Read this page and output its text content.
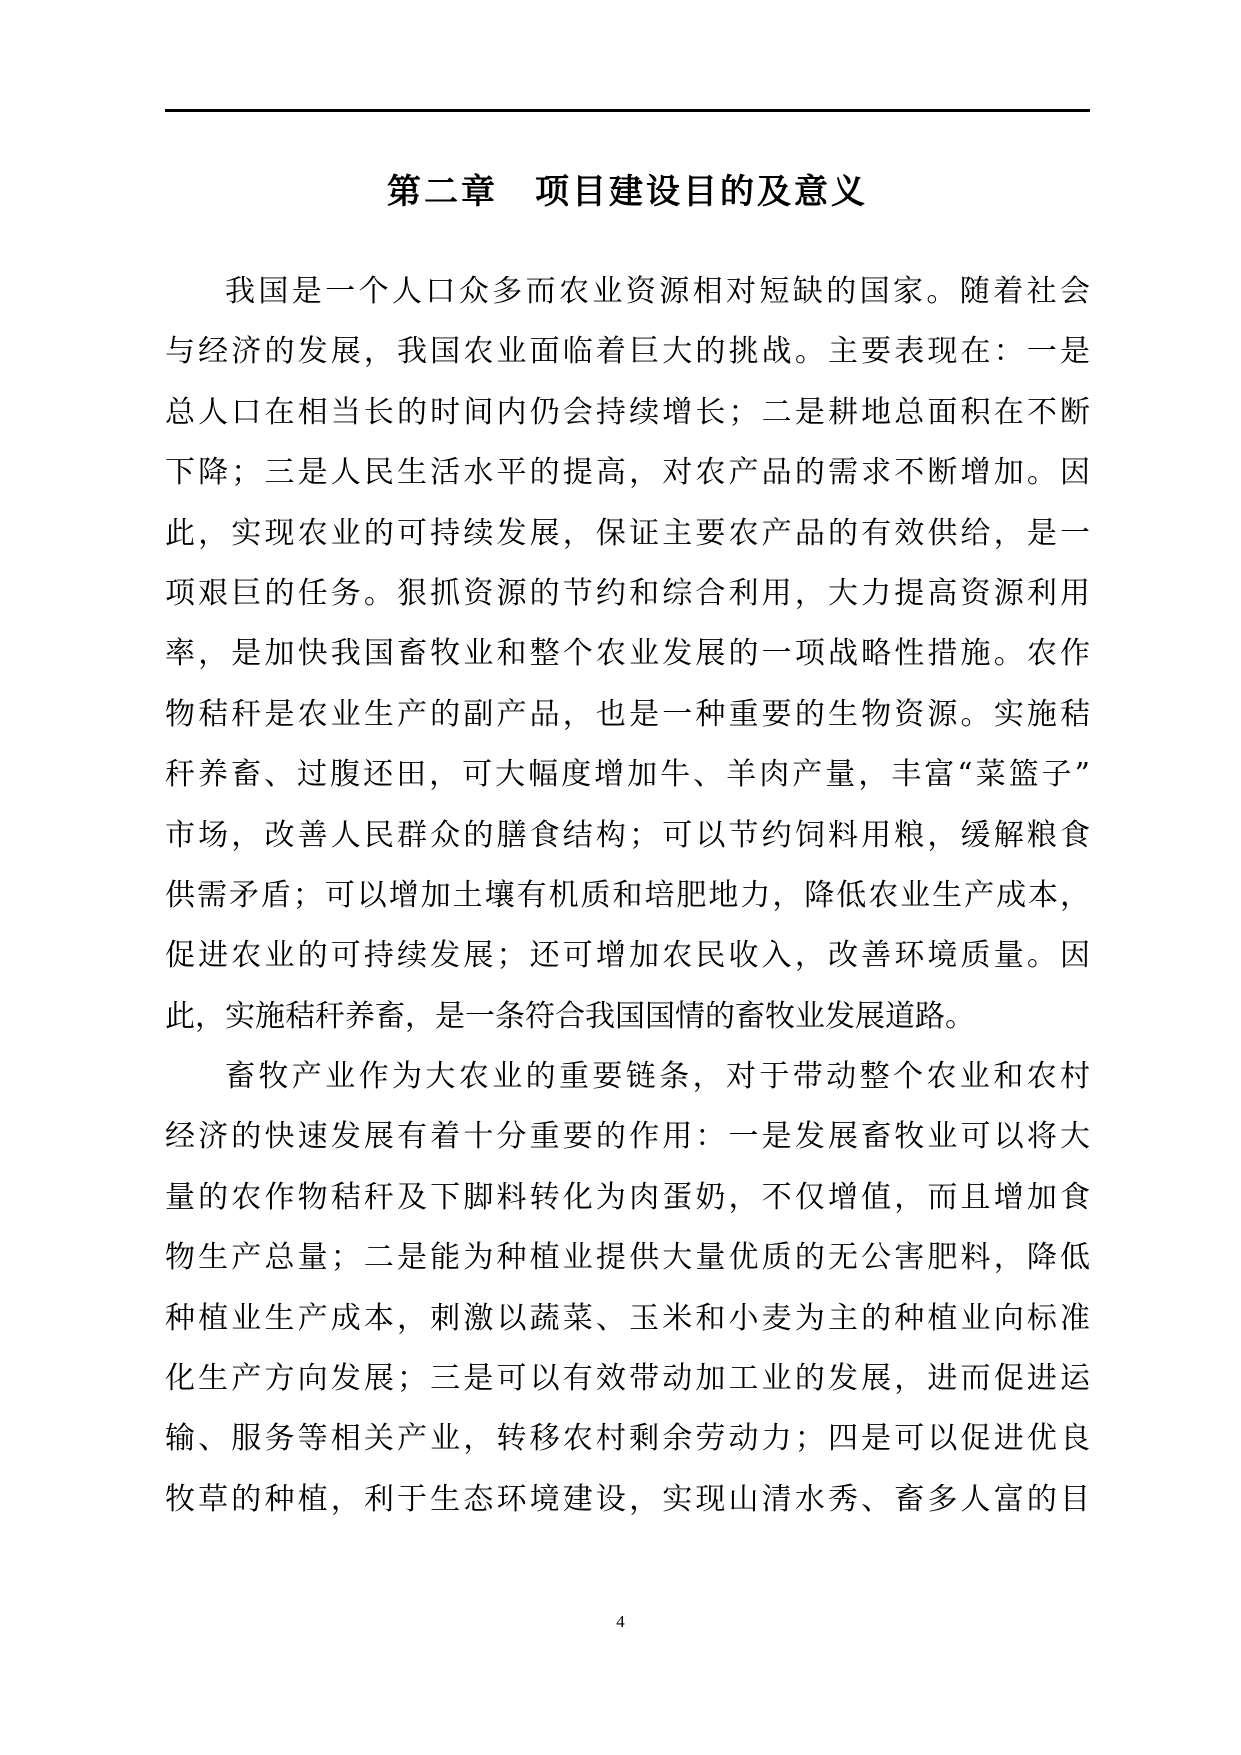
第二章　项目建设目的及意义
我国是一个人口众多而农业资源相对短缺的国家。随着社会
与经济的发展，我国农业面临着巨大的挑战。主要表现在：一是
总人口在相当长的时间内仍会持续增长；二是耕地总面积在不断
下降；三是人民生活水平的提高，对农产品的需求不断增加。因
此，实现农业的可持续发展，保证主要农产品的有效供给，是一
项艰巨的任务。狠抓资源的节约和综合利用，大力提高资源利用
率，是加快我国畜牧业和整个农业发展的一项战略性措施。农作
物秸秆是农业生产的副产品，也是一种重要的生物资源。实施秸
秆养畜、过腹还田，可大幅度增加牛、羊肉产量，丰富“菜篮子”
市场，改善人民群众的膳食结构；可以节约饲料用粮，缓解粮食
供需矛盾；可以增加土壤有机质和培肥地力，降低农业生产成本，
促进农业的可持续发展；还可增加农民收入，改善环境质量。因
此，实施秸秆养畜，是一条符合我国国情的畜牧业发展道路。
畜牧产业作为大农业的重要链条，对于带动整个农业和农村
经济的快速发展有着十分重要的作用：一是发展畜牧业可以将大
量的农作物秸秆及下脚料转化为肉蛋奶，不仅增值，而且增加食
物生产总量；二是能为种植业提供大量优质的无公害肥料，降低
种植业生产成本，刺激以蔬菜、玉米和小麦为主的种植业向标准
化生产方向发展；三是可以有效带动加工业的发展，进而促进运
输、服务等相关产业，转移农村剩余劳动力；四是可以促进优良
牧草的种植，利于生态环境建设，实现山清水秀、畜多人富的目
4
